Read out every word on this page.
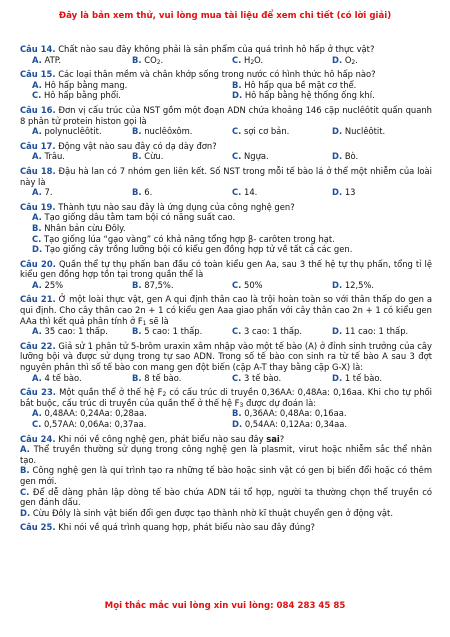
Đây là bản xem thử, vui lòng mua tài liệu để xem chi tiết (có lời giải)
Câu 14. Chất nào sau đây không phải là sản phẩm của quá trình hô hấp ở thực vật?
A. ATP.	B. $CO_2$.	C. $H_2O$.	D. $O_2$.
Câu 15. Các loại thân mềm và chân khớp sống trong nước có hình thức hô hấp nào?
A. Hô hấp bằng mang.	B. Hô hấp qua bề mặt cơ thể.
C. Hô hấp bằng phổi.	D. Hô hấp bằng hệ thống ống khí.
Câu 16. Đơn vị cấu trúc của NST gồm một đoạn ADN chứa khoảng 146 cặp nuclêôtit quấn quanh 8 phân tử protein histon gọi là
A. polynuclêôtit.	B. nuclêôxôm.	C. sợi cơ bản.	D. Nuclêôtit.
Câu 17. Động vật nào sau đây có dạ dày đơn?
A. Trâu.	B. Cừu.	C. Ngựa.	D. Bò.
Câu 18. Đậu hà lan có 7 nhóm gen liên kết. Số NST trong mỗi tế bào lá ở thể một nhiễm của loài này là
A. 7.	B. 6.	C. 14.	D. 13
Câu 19. Thành tựu nào sau đây là ứng dụng của công nghệ gen?
A. Tạo giống dâu tằm tam bội có năng suất cao.
B. Nhân bản cừu Đôly.
C. Tạo giống lúa “gạo vàng” có khả năng tổng hợp β- carôten trong hạt.
D. Tạo giống cây trồng lưỡng bội có kiểu gen đồng hợp tử về tất cả các gen.
Câu 20. Quần thể tự thụ phấn ban đầu có toàn kiểu gen Aa, sau 3 thế hệ tự thụ phấn, tổng tỉ lệ kiểu gen đồng hợp tồn tại trong quần thể là
A. 25%	B. 87,5%.	C. 50%	D. 12,5%.
Câu 21. Ở một loài thực vật, gen A qui định thân cao là trội hoàn toàn so với thân thấp do gen a qui định. Cho cây thân cao 2n + 1 có kiểu gen Aaa giao phấn với cây thân cao 2n + 1 có kiểu gen AAa thì kết quả phân tính ở $F_1$ sẽ là
A. 35 cao: 1 thấp.	B. 5 cao: 1 thấp.	C. 3 cao: 1 thấp.	D. 11 cao: 1 thấp.
Câu 22. Giả sử 1 phân tử 5-brôm uraxin xâm nhập vào một tế bào (A) ở đỉnh sinh trưởng của cây lưỡng bội và được sử dụng trong tự sao ADN. Trong số tế bào con sinh ra từ tế bào A sau 3 đợt nguyên phân thì số tế bào con mang gen đột biến (cặp A-T thay bằng cặp G-X) là:
A. 4 tế bào.	B. 8 tế bào.	C. 3 tế bào.	D. 1 tế bào.
Câu 23. Một quần thể ở thế hệ $F_2$ có cấu trúc di truyền 0,36AA: 0,48Aa: 0,16aa. Khi cho tự phối bắt buộc, cấu trúc di truyền của quần thể ở thế hệ $F_3$ được dự đoán là:
A. 0,48AA: 0,24Aa: 0,28aa.	B. 0,36AA: 0,48Aa: 0,16aa.
C. 0,57AA: 0,06Aa: 0,37aa.	D. 0,54AA: 0,12Aa: 0,34aa.
Câu 24. Khi nói về công nghệ gen, phát biểu nào sau đây sai?
A. Thể truyền thường sử dụng trong công nghệ gen là plasmit, virut hoặc nhiễm sắc thể nhân tạo.
B. Công nghệ gen là qui trình tạo ra những tế bào hoặc sinh vật có gen bị biến đổi hoặc có thêm gen mới.
C. Để dễ dàng phân lập dòng tế bào chứa ADN tái tổ hợp, người ta thường chọn thể truyền có gen đánh dấu.
D. Cừu Đôly là sinh vật biến đổi gen được tạo thành nhờ kĩ thuật chuyển gen ở động vật.
Câu 25. Khi nói về quá trình quang hợp, phát biểu nào sau đây đúng?
Mọi thắc mắc vui lòng xin vui lòng: 084 283 45 85
